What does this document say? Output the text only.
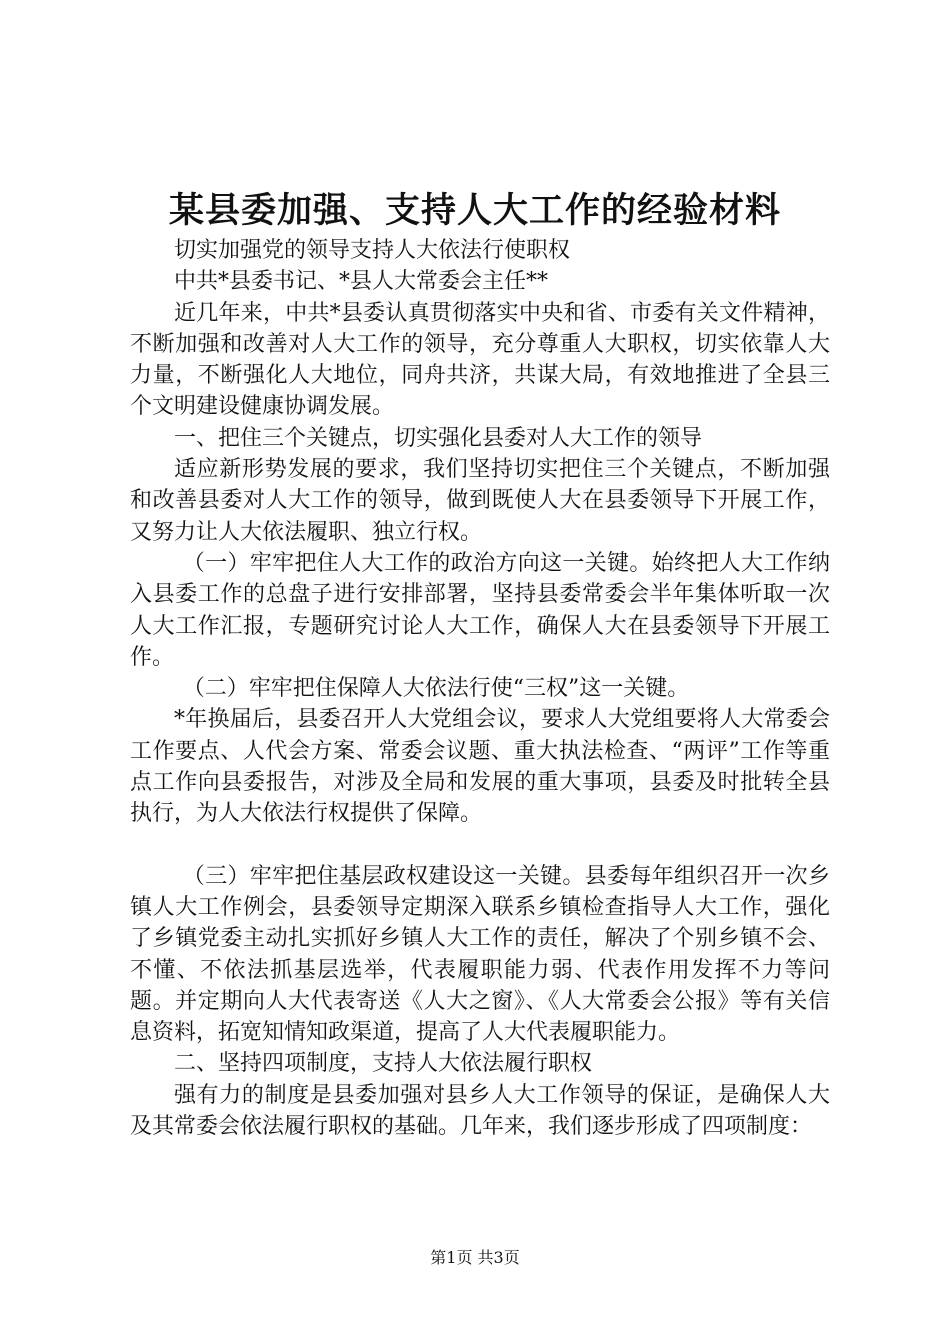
某县委加强、支持人大工作的经验材料

切实加强党的领导支持人大依法行使职权

中共*县委书记、*县人大常委会主任**

近几年来，中共*县委认真贯彻落实中央和省、市委有关文件精神，不断加强和改善对人大工作的领导，充分尊重人大职权，切实依靠人大力量，不断强化人大地位，同舟共济，共谋大局，有效地推进了全县三个文明建设健康协调发展。

一、把住三个关键点，切实强化县委对人大工作的领导

适应新形势发展的要求，我们坚持切实把住三个关键点，不断加强和改善县委对人大工作的领导，做到既使人大在县委领导下开展工作，又努力让人大依法履职、独立行权。

（一）牢牢把住人大工作的政治方向这一关键。始终把人大工作纳入县委工作的总盘子进行安排部署，坚持县委常委会半年集体听取一次人大工作汇报，专题研究讨论人大工作，确保人大在县委领导下开展工作。

（二）牢牢把住保障人大依法行使“三权”这一关键。

*年换届后，县委召开人大党组会议，要求人大党组要将人大常委会工作要点、人代会方案、常委会议题、重大执法检查、“两评”工作等重点工作向县委报告，对涉及全局和发展的重大事项，县委及时批转全县执行，为人大依法行权提供了保障。

（三）牢牢把住基层政权建设这一关键。县委每年组织召开一次乡镇人大工作例会，县委领导定期深入联系乡镇检查指导人大工作，强化了乡镇党委主动扎实抓好乡镇人大工作的责任，解决了个别乡镇不会、不懂、不依法抓基层选举，代表履职能力弱、代表作用发挥不力等问题。并定期向人大代表寄送《人大之窗》、《人大常委会公报》等有关信息资料，拓宽知情知政渠道，提高了人大代表履职能力。

二、坚持四项制度，支持人大依法履行职权

强有力的制度是县委加强对县乡人大工作领导的保证，是确保人大及其常委会依法履行职权的基础。几年来，我们逐步形成了四项制度：

第1页 共3页
